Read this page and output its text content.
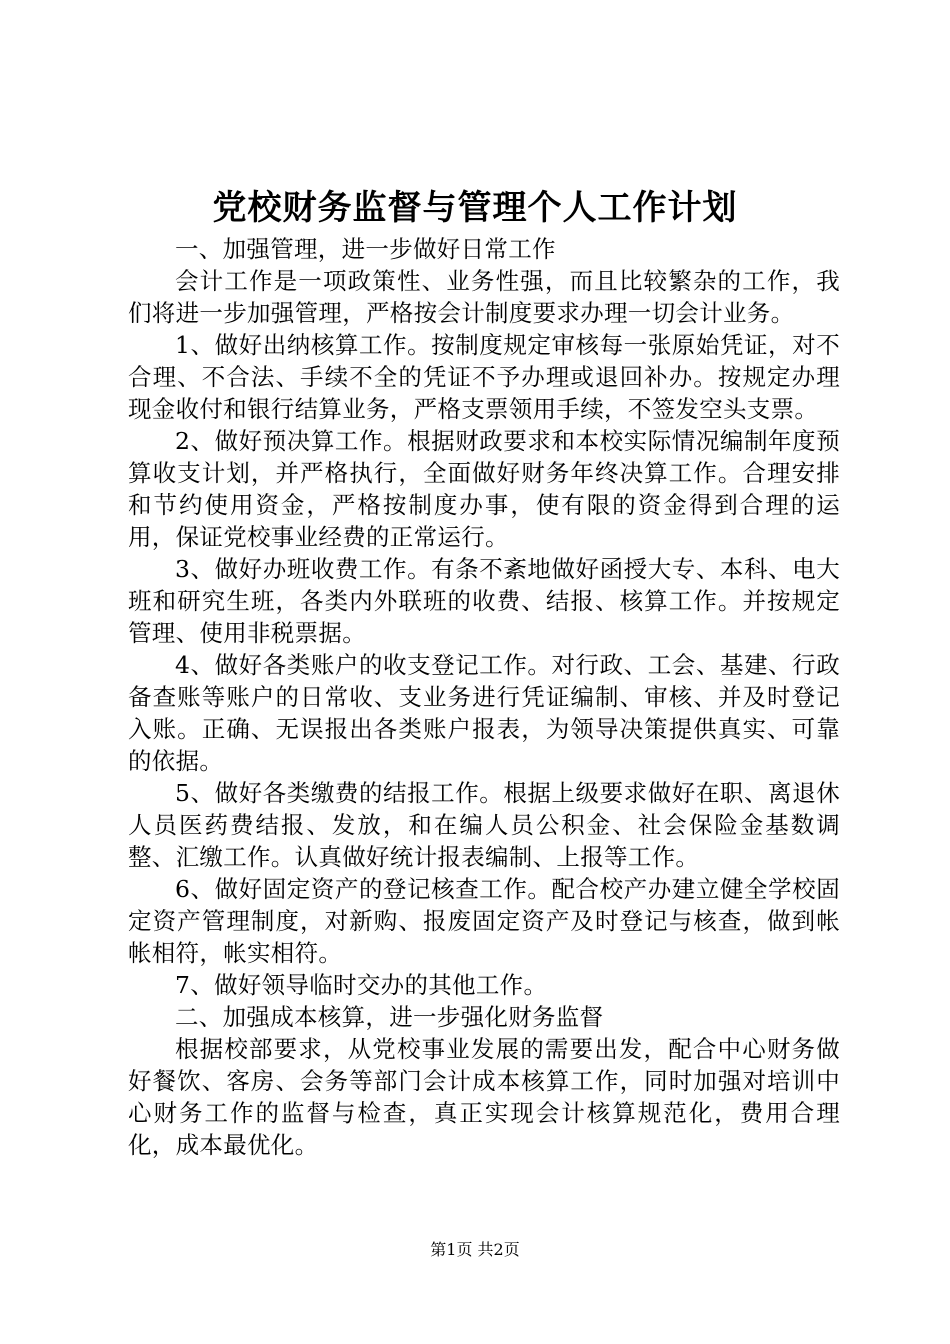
党校财务监督与管理个人工作计划

一、加强管理，进一步做好日常工作

会计工作是一项政策性、业务性强，而且比较繁杂的工作，我们将进一步加强管理，严格按会计制度要求办理一切会计业务。

1、做好出纳核算工作。按制度规定审核每一张原始凭证，对不合理、不合法、手续不全的凭证不予办理或退回补办。按规定办理现金收付和银行结算业务，严格支票领用手续，不签发空头支票。

2、做好预决算工作。根据财政要求和本校实际情况编制年度预算收支计划，并严格执行，全面做好财务年终决算工作。合理安排和节约使用资金，严格按制度办事，使有限的资金得到合理的运用，保证党校事业经费的正常运行。

3、做好办班收费工作。有条不紊地做好函授大专、本科、电大班和研究生班，各类内外联班的收费、结报、核算工作。并按规定管理、使用非税票据。

4、做好各类账户的收支登记工作。对行政、工会、基建、行政备查账等账户的日常收、支业务进行凭证编制、审核、并及时登记入账。正确、无误报出各类账户报表，为领导决策提供真实、可靠的依据。

5、做好各类缴费的结报工作。根据上级要求做好在职、离退休人员医药费结报、发放，和在编人员公积金、社会保险金基数调整、汇缴工作。认真做好统计报表编制、上报等工作。

6、做好固定资产的登记核查工作。配合校产办建立健全学校固定资产管理制度，对新购、报废固定资产及时登记与核查，做到帐帐相符，帐实相符。

7、做好领导临时交办的其他工作。

二、加强成本核算，进一步强化财务监督

根据校部要求，从党校事业发展的需要出发，配合中心财务做好餐饮、客房、会务等部门会计成本核算工作，同时加强对培训中心财务工作的监督与检查，真正实现会计核算规范化，费用合理化，成本最优化。

第1页 共2页
